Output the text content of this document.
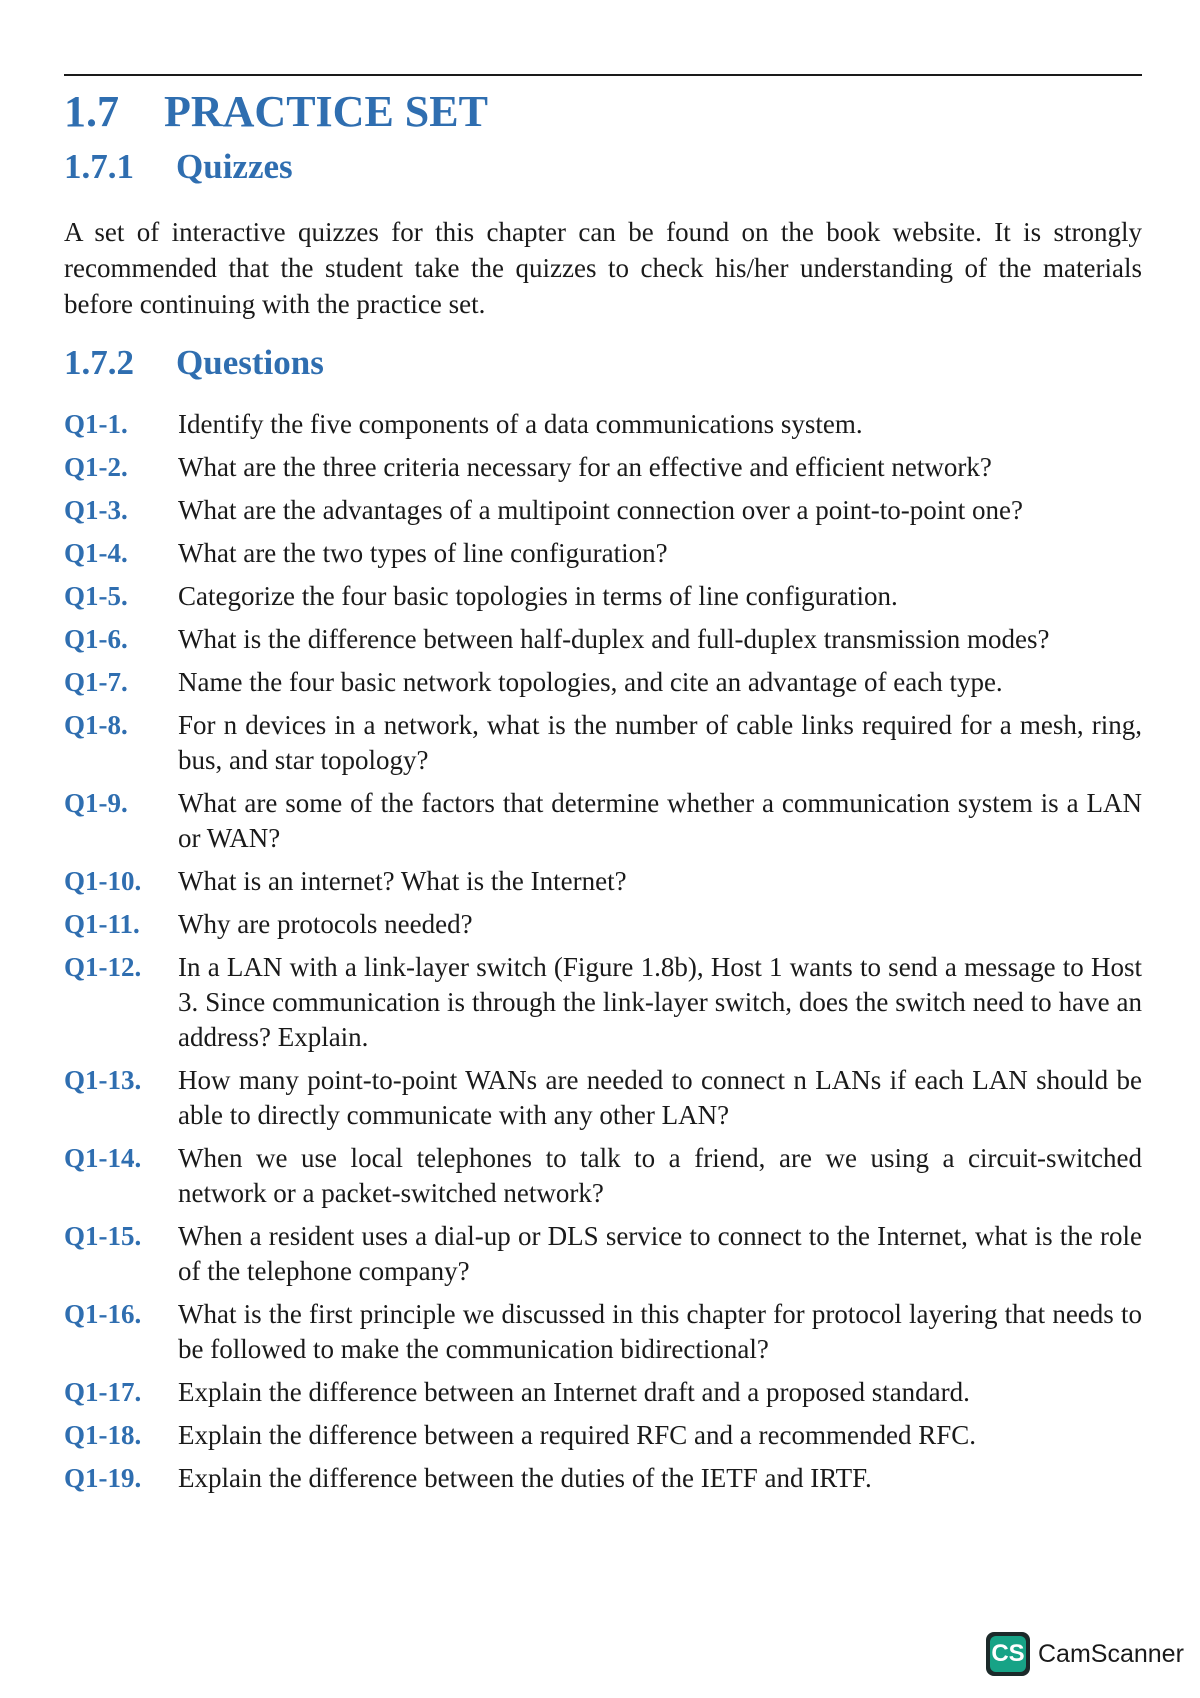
1.7 PRACTICE SET
1.7.1 Quizzes

A set of interactive quizzes for this chapter can be found on the book website. It is strongly recommended that the student take the quizzes to check his/her understanding of the materials before continuing with the practice set.

1.7.2 Questions
Q1-1.	Identify the five components of a data communications system.
Q1-2.	What are the three criteria necessary for an effective and efficient network?
Q1-3.	What are the advantages of a multipoint connection over a point-to-point one?
Q1-4.	What are the two types of line configuration?
Q1-5.	Categorize the four basic topologies in terms of line configuration.
Q1-6.	What is the difference between half-duplex and full-duplex transmission modes?
Q1-7.	Name the four basic network topologies, and cite an advantage of each type.
Q1-8.	For n devices in a network, what is the number of cable links required for a mesh, ring, bus, and star topology?
Q1-9.	What are some of the factors that determine whether a communication system is a LAN or WAN?
Q1-10.	What is an internet? What is the Internet?
Q1-11.	Why are protocols needed?
Q1-12.	In a LAN with a link-layer switch (Figure 1.8b), Host 1 wants to send a message to Host 3. Since communication is through the link-layer switch, does the switch need to have an address? Explain.
Q1-13.	How many point-to-point WANs are needed to connect n LANs if each LAN should be able to directly communicate with any other LAN?
Q1-14.	When we use local telephones to talk to a friend, are we using a circuit-switched network or a packet-switched network?
Q1-15.	When a resident uses a dial-up or DLS service to connect to the Internet, what is the role of the telephone company?
Q1-16.	What is the first principle we discussed in this chapter for protocol layering that needs to be followed to make the communication bidirectional?
Q1-17.	Explain the difference between an Internet draft and a proposed standard.
Q1-18.	Explain the difference between a required RFC and a recommended RFC.
Q1-19.	Explain the difference between the duties of the IETF and IRTF.
CS CamScanner
